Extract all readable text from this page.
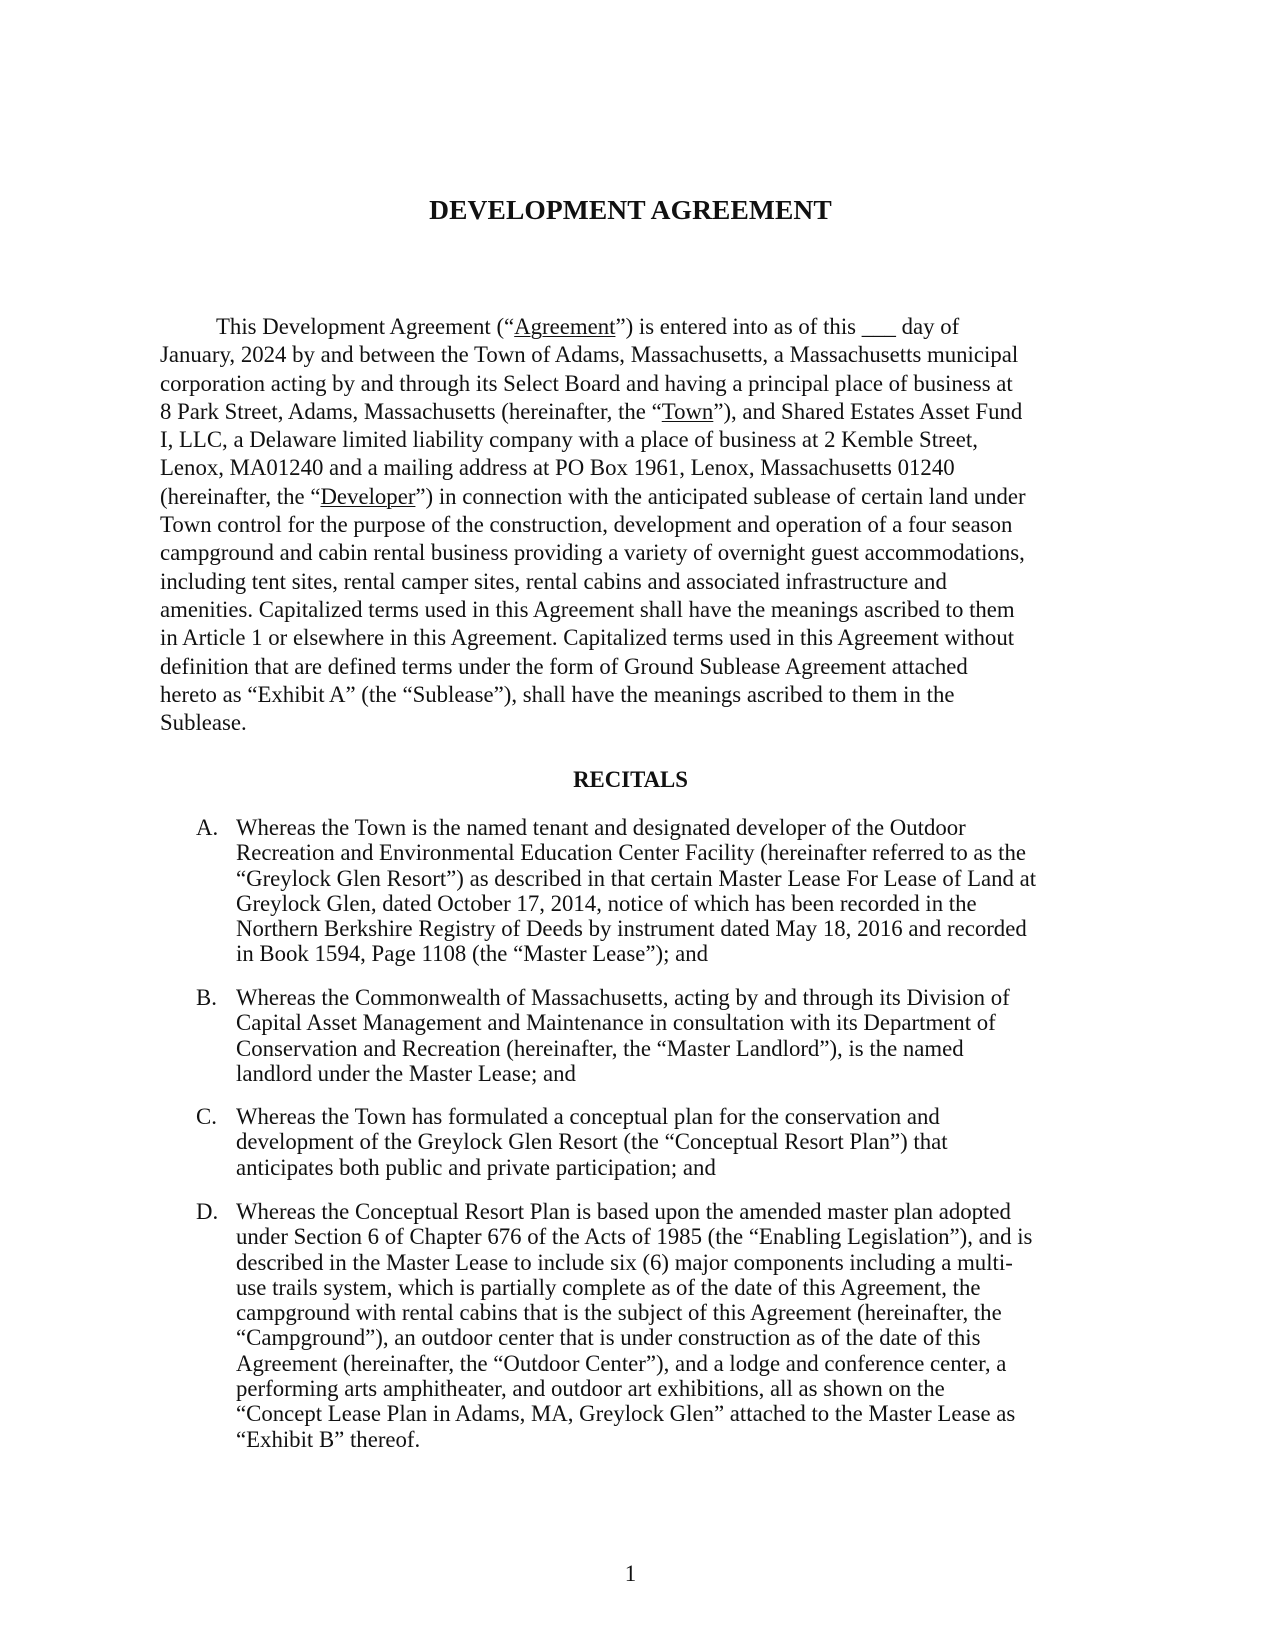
DEVELOPMENT AGREEMENT

This Development Agreement (“Agreement”) is entered into as of this ___ day of
January, 2024 by and between the Town of Adams, Massachusetts, a Massachusetts municipal
corporation acting by and through its Select Board and having a principal place of business at
8 Park Street, Adams, Massachusetts (hereinafter, the “Town”), and Shared Estates Asset Fund
I, LLC, a Delaware limited liability company with a place of business at 2 Kemble Street,
Lenox, MA01240 and a mailing address at PO Box 1961, Lenox, Massachusetts 01240
(hereinafter, the “Developer”) in connection with the anticipated sublease of certain land under
Town control for the purpose of the construction, development and operation of a four season
campground and cabin rental business providing a variety of overnight guest accommodations,
including tent sites, rental camper sites, rental cabins and associated infrastructure and
amenities. Capitalized terms used in this Agreement shall have the meanings ascribed to them
in Article 1 or elsewhere in this Agreement. Capitalized terms used in this Agreement without
definition that are defined terms under the form of Ground Sublease Agreement attached
hereto as “Exhibit A” (the “Sublease”), shall have the meanings ascribed to them in the
Sublease.

RECITALS
A. Whereas the Town is the named tenant and designated developer of the Outdoor
Recreation and Environmental Education Center Facility (hereinafter referred to as the
“Greylock Glen Resort”) as described in that certain Master Lease For Lease of Land at
Greylock Glen, dated October 17, 2014, notice of which has been recorded in the
Northern Berkshire Registry of Deeds by instrument dated May 18, 2016 and recorded
in Book 1594, Page 1108 (the “Master Lease”); and
B. Whereas the Commonwealth of Massachusetts, acting by and through its Division of
Capital Asset Management and Maintenance in consultation with its Department of
Conservation and Recreation (hereinafter, the “Master Landlord”), is the named
landlord under the Master Lease; and
C. Whereas the Town has formulated a conceptual plan for the conservation and
development of the Greylock Glen Resort (the “Conceptual Resort Plan”) that
anticipates both public and private participation; and
D. Whereas the Conceptual Resort Plan is based upon the amended master plan adopted
under Section 6 of Chapter 676 of the Acts of 1985 (the “Enabling Legislation”), and is
described in the Master Lease to include six (6) major components including a multi-
use trails system, which is partially complete as of the date of this Agreement, the
campground with rental cabins that is the subject of this Agreement (hereinafter, the
“Campground”), an outdoor center that is under construction as of the date of this
Agreement (hereinafter, the “Outdoor Center”), and a lodge and conference center, a
performing arts amphitheater, and outdoor art exhibitions, all as shown on the
“Concept Lease Plan in Adams, MA, Greylock Glen” attached to the Master Lease as
“Exhibit B” thereof.
1
